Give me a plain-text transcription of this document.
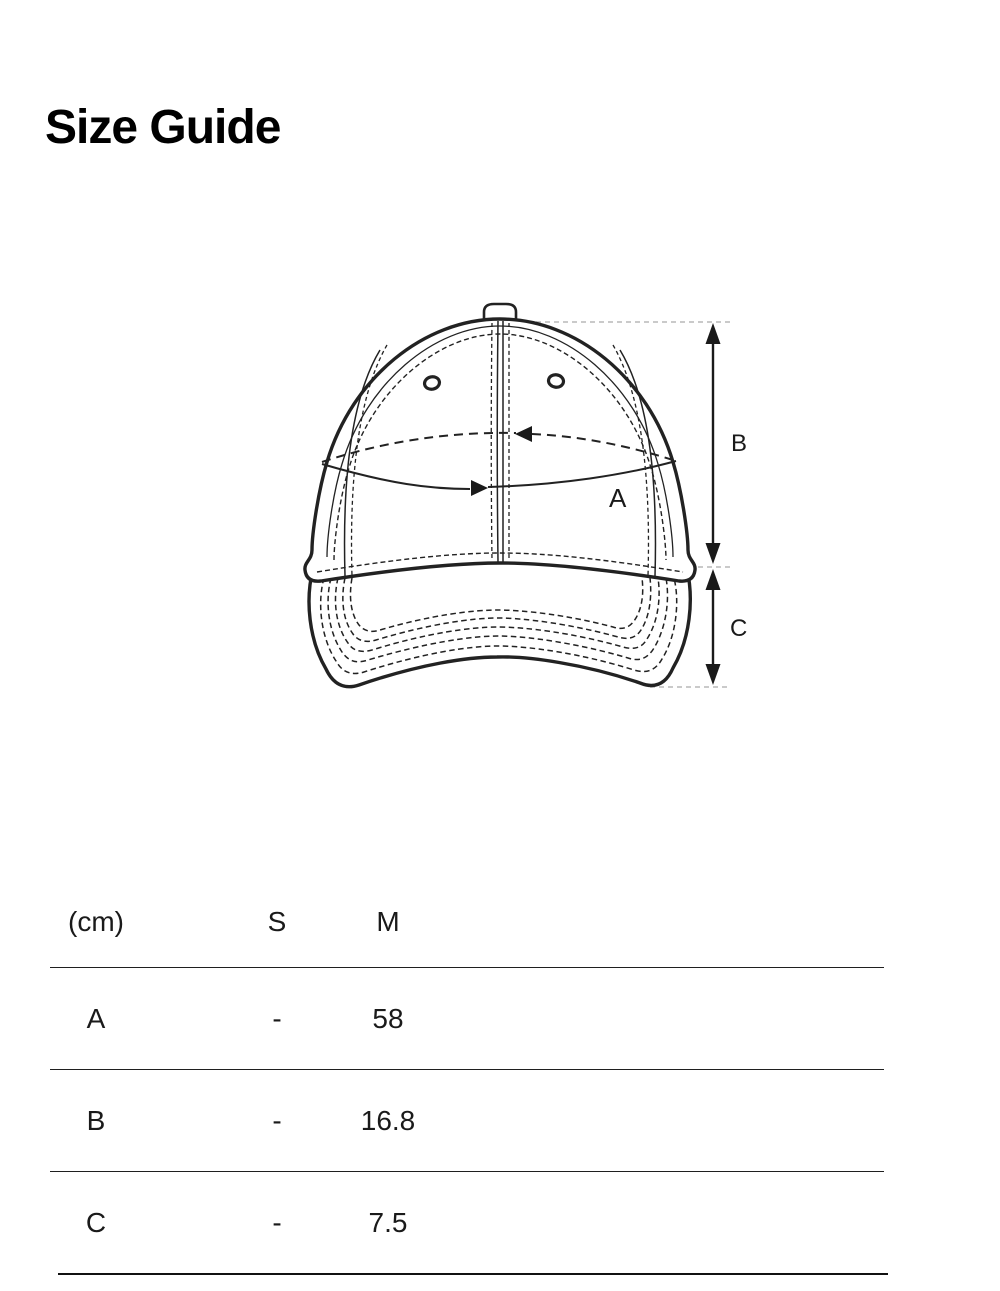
Size Guide
B
C
A
(cm)	S	M
A	-	58
B	-	16.8
C	-	7.5
